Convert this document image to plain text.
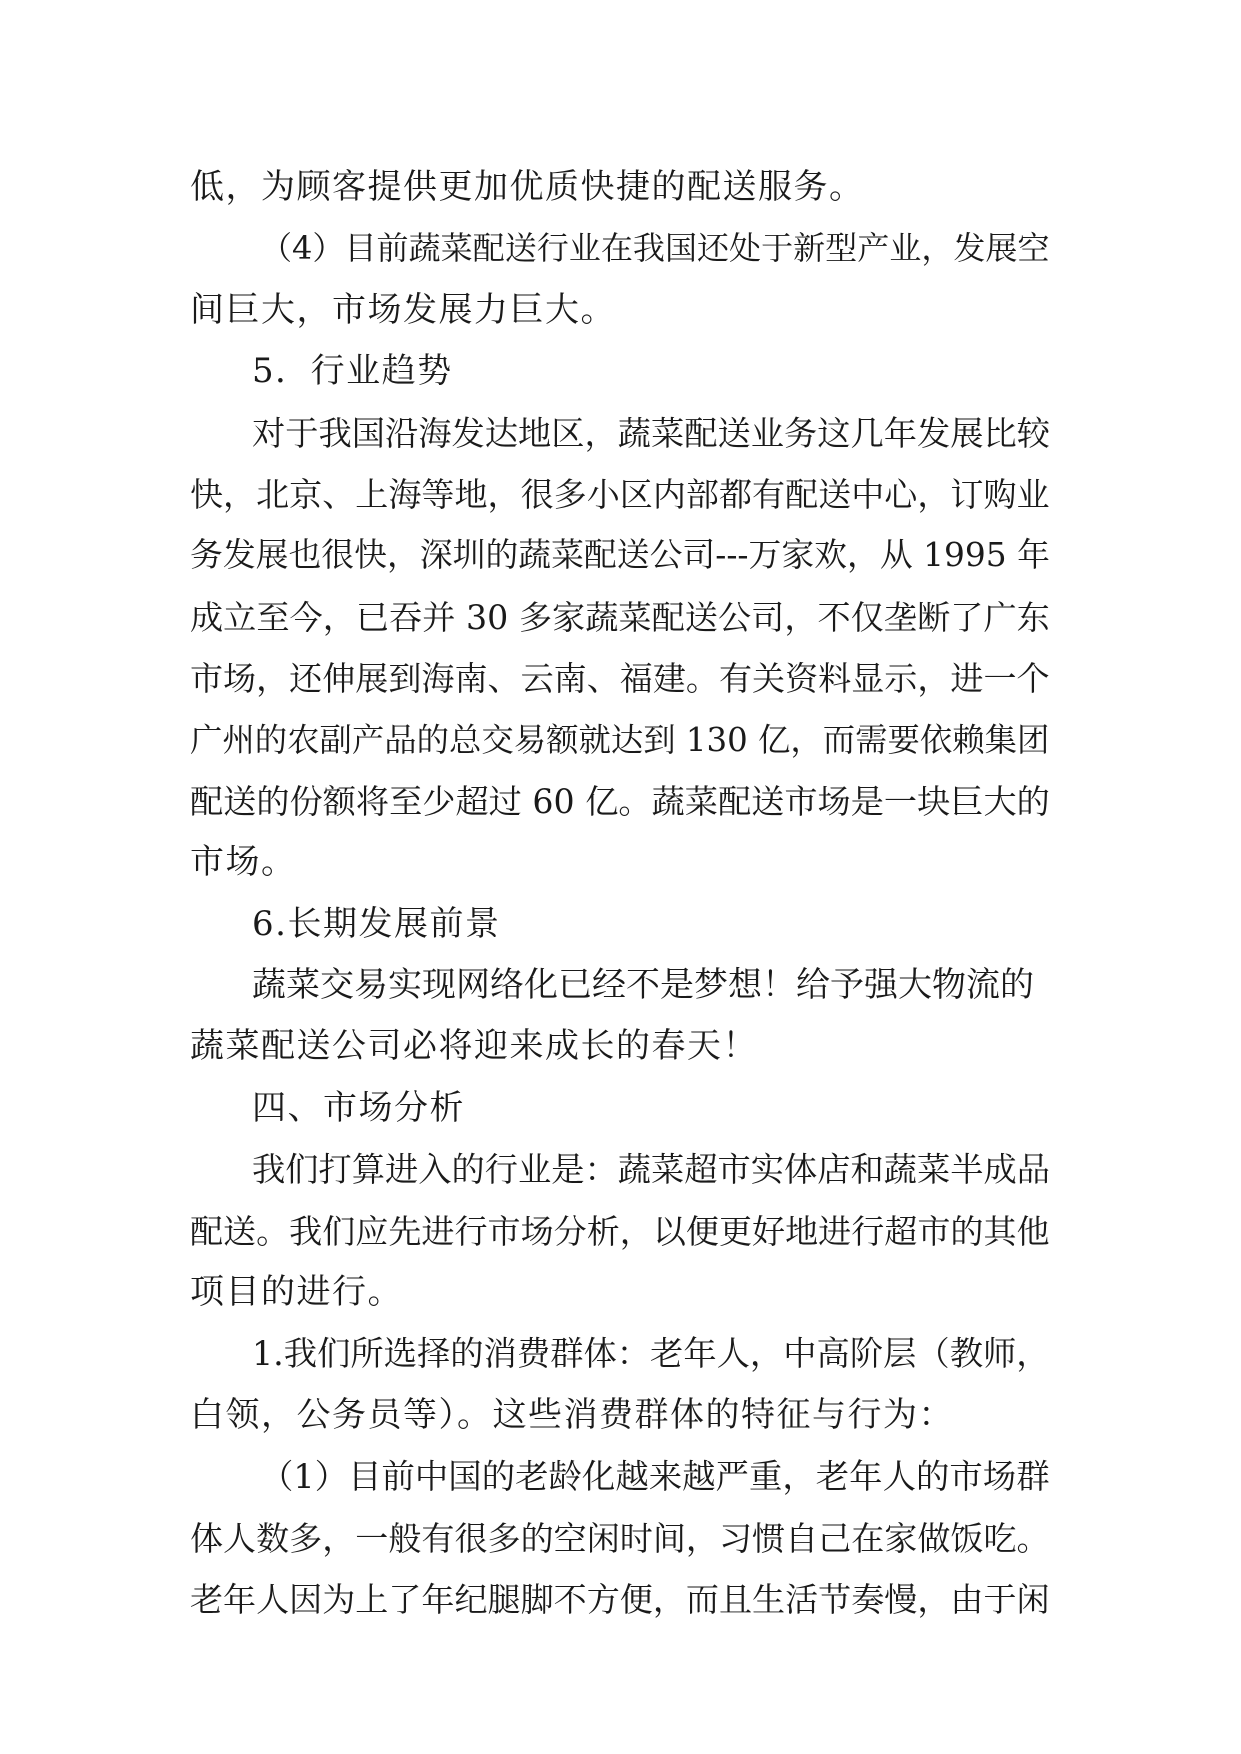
低，为顾客提供更加优质快捷的配送服务。
（4）目前蔬菜配送行业在我国还处于新型产业，发展空
间巨大，市场发展力巨大。
5．行业趋势
对于我国沿海发达地区，蔬菜配送业务这几年发展比较
快，北京、上海等地，很多小区内部都有配送中心，订购业
务发展也很快，深圳的蔬菜配送公司---万家欢，从 1995 年
成立至今，已吞并 30 多家蔬菜配送公司，不仅垄断了广东
市场，还伸展到海南、云南、福建。有关资料显示，进一个
广州的农副产品的总交易额就达到 130 亿，而需要依赖集团
配送的份额将至少超过 60 亿。蔬菜配送市场是一块巨大的
市场。
6.长期发展前景
蔬菜交易实现网络化已经不是梦想！给予强大物流的
蔬菜配送公司必将迎来成长的春天！
四、市场分析
我们打算进入的行业是：蔬菜超市实体店和蔬菜半成品
配送。我们应先进行市场分析，以便更好地进行超市的其他
项目的进行。
1.我们所选择的消费群体：老年人，中高阶层（教师，
白领，公务员等）。这些消费群体的特征与行为：
（1）目前中国的老龄化越来越严重，老年人的市场群
体人数多，一般有很多的空闲时间，习惯自己在家做饭吃。
老年人因为上了年纪腿脚不方便，而且生活节奏慢，由于闲
